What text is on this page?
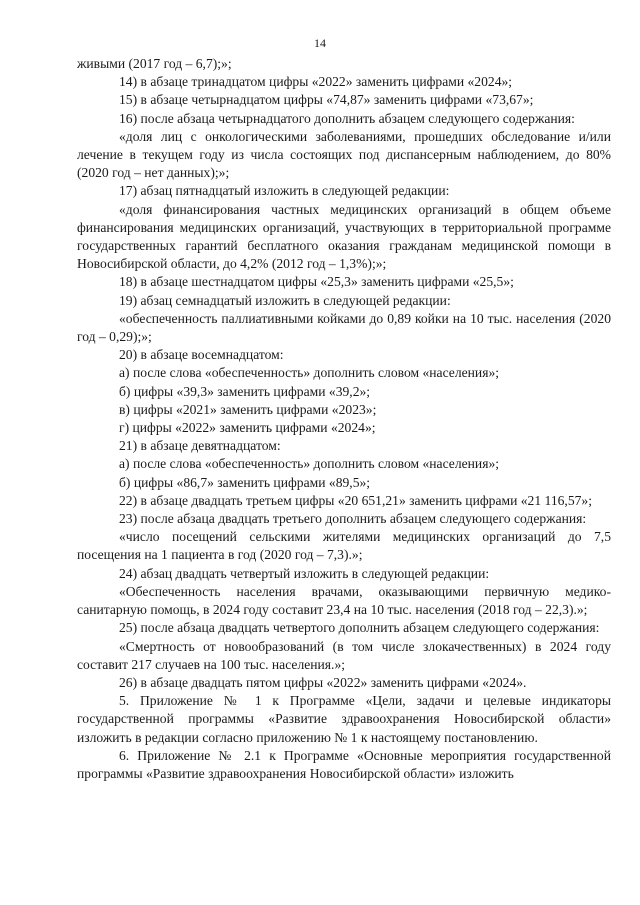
14

живыми (2017 год – 6,7);»;

14) в абзаце тринадцатом цифры «2022» заменить цифрами «2024»;

15) в абзаце четырнадцатом цифры «74,87» заменить цифрами «73,67»;

16) после абзаца четырнадцатого дополнить абзацем следующего содержания:

«доля лиц с онкологическими заболеваниями, прошедших обследование и/или лечение в текущем году из числа состоящих под диспансерным наблюдением, до 80% (2020 год – нет данных);»;

17) абзац пятнадцатый изложить в следующей редакции:

«доля финансирования частных медицинских организаций в общем объеме финансирования медицинских организаций, участвующих в территориальной программе государственных гарантий бесплатного оказания гражданам медицинской помощи в Новосибирской области, до 4,2% (2012 год – 1,3%);»;

18) в абзаце шестнадцатом цифры «25,3» заменить цифрами «25,5»;

19) абзац семнадцатый изложить в следующей редакции:

«обеспеченность паллиативными койками до 0,89 койки на 10 тыс. населения (2020 год – 0,29);»;

20) в абзаце восемнадцатом:

а) после слова «обеспеченность» дополнить словом «населения»;

б) цифры «39,3» заменить цифрами «39,2»;

в) цифры «2021» заменить цифрами «2023»;

г) цифры «2022» заменить цифрами «2024»;

21) в абзаце девятнадцатом:

а) после слова «обеспеченность» дополнить словом «населения»;

б) цифры «86,7» заменить цифрами «89,5»;

22) в абзаце двадцать третьем цифры «20 651,21» заменить цифрами «21 116,57»;

23) после абзаца двадцать третьего дополнить абзацем следующего содержания:

«число посещений сельскими жителями медицинских организаций до 7,5 посещения на 1 пациента в год (2020 год – 7,3).»;

24) абзац двадцать четвертый изложить в следующей редакции:

«Обеспеченность населения врачами, оказывающими первичную медико-санитарную помощь, в 2024 году составит 23,4 на 10 тыс. населения (2018 год – 22,3).»;

25) после абзаца двадцать четвертого дополнить абзацем следующего содержания:

«Смертность от новообразований (в том числе злокачественных) в 2024 году составит 217 случаев на 100 тыс. населения.»;

26) в абзаце двадцать пятом цифры «2022» заменить цифрами «2024».

5. Приложение № 1 к Программе «Цели, задачи и целевые индикаторы государственной программы «Развитие здравоохранения Новосибирской области» изложить в редакции согласно приложению № 1 к настоящему постановлению.

6. Приложение № 2.1 к Программе «Основные мероприятия государственной программы «Развитие здравоохранения Новосибирской области» изложить
